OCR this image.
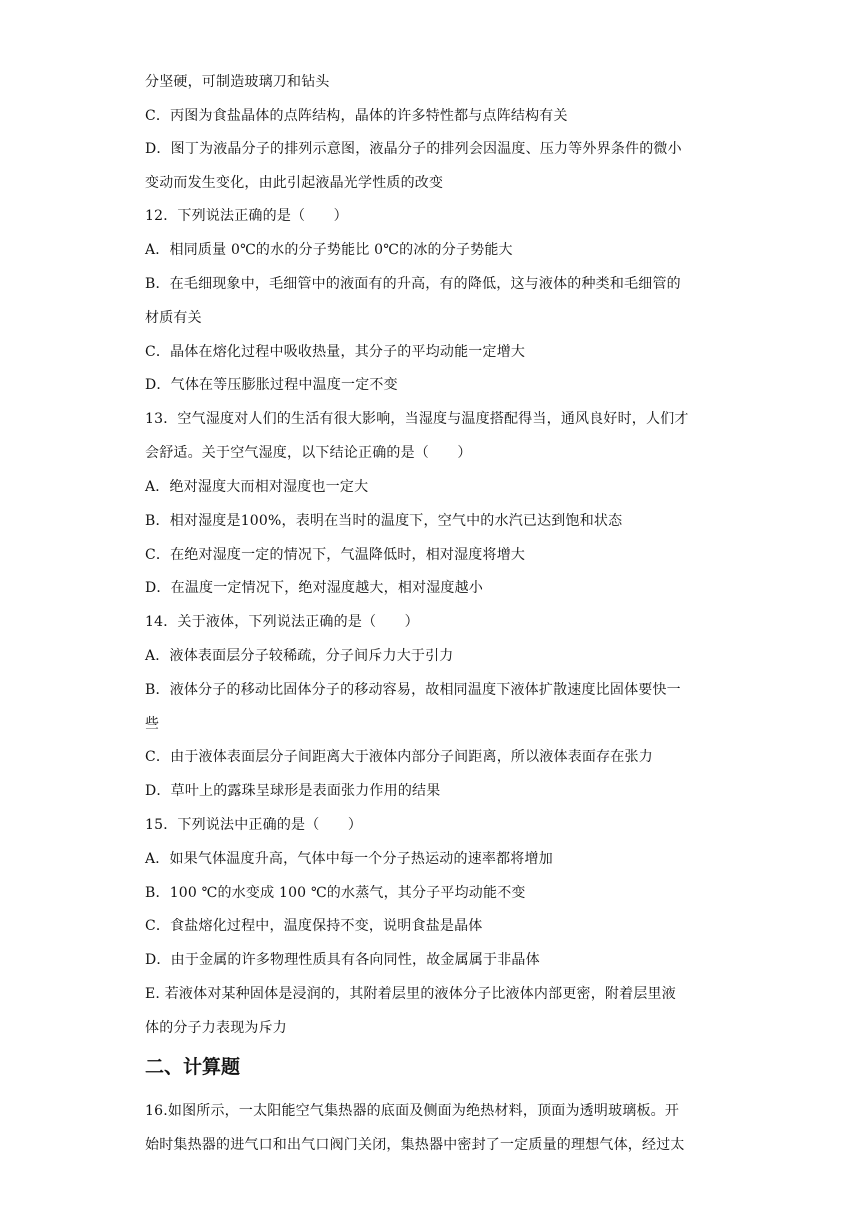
分坚硬，可制造玻璃刀和钻头
C．丙图为食盐晶体的点阵结构，晶体的许多特性都与点阵结构有关
D．图丁为液晶分子的排列示意图，液晶分子的排列会因温度、压力等外界条件的微小
变动而发生变化，由此引起液晶光学性质的改变
12．下列说法正确的是（　　）
A．相同质量 0℃的水的分子势能比 0℃的冰的分子势能大
B．在毛细现象中，毛细管中的液面有的升高，有的降低，这与液体的种类和毛细管的
材质有关
C．晶体在熔化过程中吸收热量，其分子的平均动能一定增大
D．气体在等压膨胀过程中温度一定不变
13．空气湿度对人们的生活有很大影响，当湿度与温度搭配得当，通风良好时，人们才
会舒适。关于空气湿度，以下结论正确的是（　　）
A．绝对湿度大而相对湿度也一定大
B．相对湿度是100%，表明在当时的温度下，空气中的水汽已达到饱和状态
C．在绝对湿度一定的情况下，气温降低时，相对湿度将增大
D．在温度一定情况下，绝对湿度越大，相对湿度越小
14．关于液体，下列说法正确的是（　　）
A．液体表面层分子较稀疏，分子间斥力大于引力
B．液体分子的移动比固体分子的移动容易，故相同温度下液体扩散速度比固体要快一
些
C．由于液体表面层分子间距离大于液体内部分子间距离，所以液体表面存在张力
D．草叶上的露珠呈球形是表面张力作用的结果
15．下列说法中正确的是（　　）
A．如果气体温度升高，气体中每一个分子热运动的速率都将增加
B．100 ℃的水变成 100 ℃的水蒸气，其分子平均动能不变
C．食盐熔化过程中，温度保持不变，说明食盐是晶体
D．由于金属的许多物理性质具有各向同性，故金属属于非晶体
E. 若液体对某种固体是浸润的，其附着层里的液体分子比液体内部更密，附着层里液
体的分子力表现为斥力
二、计算题
16.如图所示，一太阳能空气集热器的底面及侧面为绝热材料，顶面为透明玻璃板。开
始时集热器的进气口和出气口阀门关闭，集热器中密封了一定质量的理想气体，经过太
